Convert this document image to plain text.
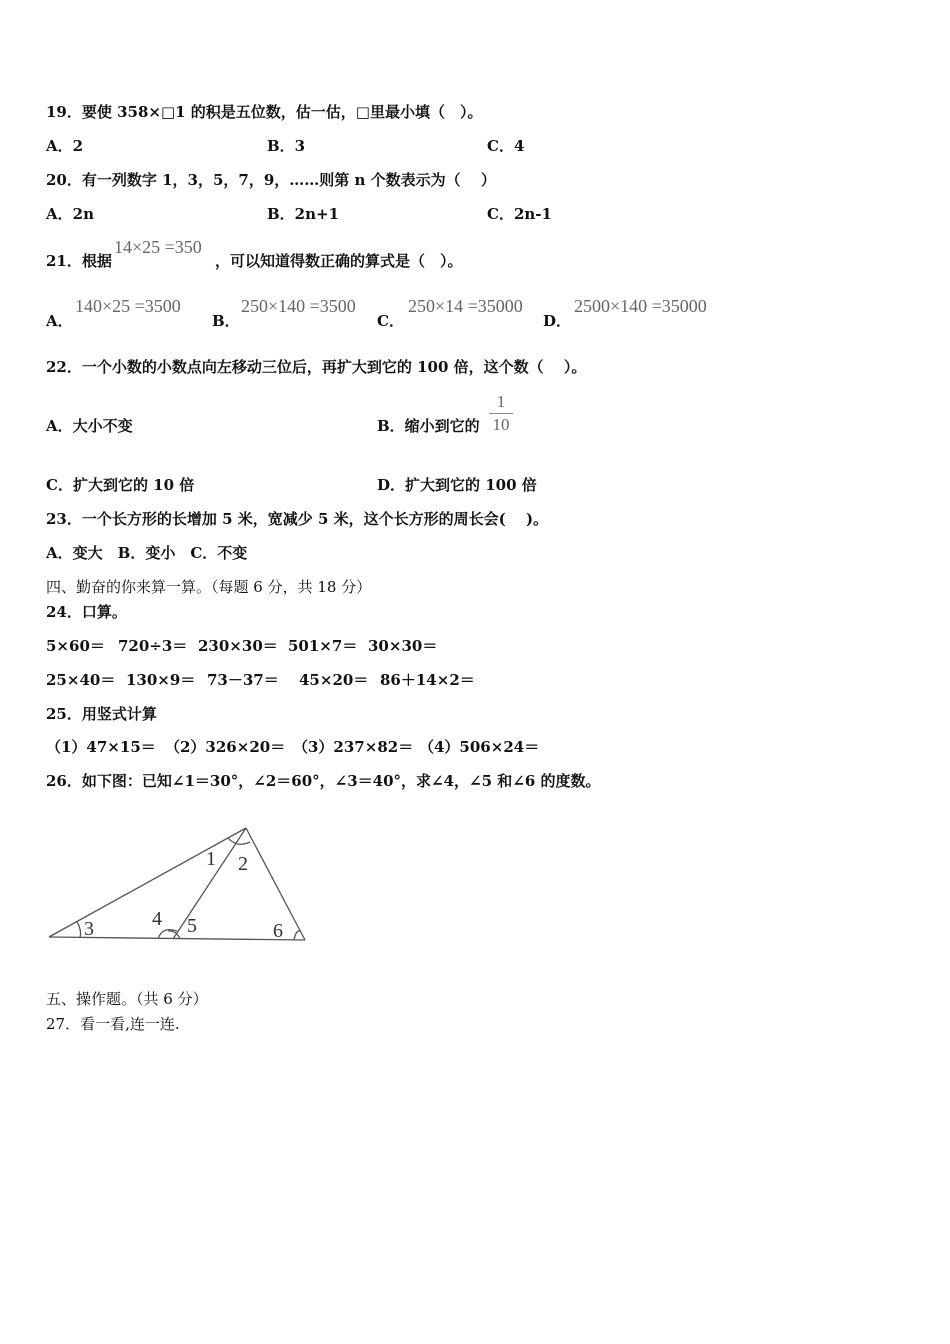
19．要使 358×□1 的积是五位数，估一估，□里最小填（　）。
A．2	B．3	C．4
20．有一列数字 1，3，5，7，9，……则第 n 个数表示为（　 ）
A．2n	B．2n+1	C．2n-1
21．根据
14×25 =350
，可以知道得数正确的算式是（　）。
A．
140×25 =3500
B．
250×140 =3500
C．
250×14 =35000
D．
2500×140 =35000
22．一个小数的小数点向左移动三位后，再扩大到它的 100 倍，这个数（　 ）。
A．大小不变	B．缩小到它的
1
10
C．扩大到它的 10 倍	D．扩大到它的 100 倍
23．一个长方形的长增加 5 米，宽减少 5 米，这个长方形的周长会(　 )。
A．变大　B．变小　C．不变
四、勤奋的你来算一算。（每题 6 分，共 18 分）
24．口算。
5×60＝ 720÷3＝ 230×30＝ 501×7＝ 30×30＝
25×40＝ 130×9＝ 73－37＝ 45×20＝ 86＋14×2＝
25．用竖式计算
（1）47×15＝ （2）326×20＝ （3）237×82＝ （4）506×24＝
26．如下图：已知∠1＝30°，∠2＝60°，∠3＝40°，求∠4，∠5 和∠6 的度数。
1 2
3	4 5	6
五、操作题。（共 6 分）
27．看一看,连一连.
